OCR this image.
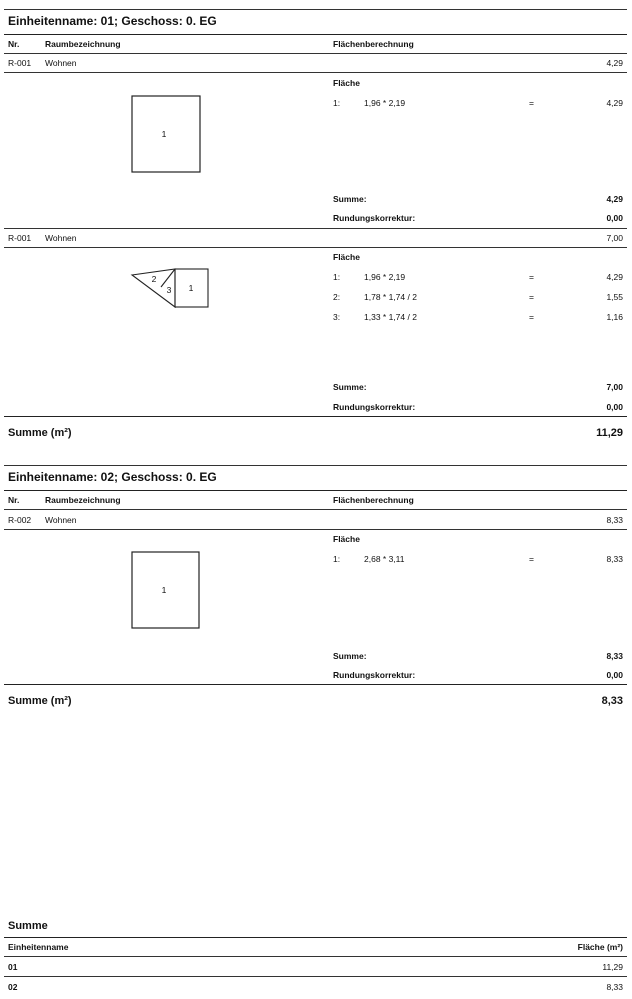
Einheitenname: 01; Geschoss: 0. EG
Nr.	Raumbezeichnung	Flächenberechnung
R-001 Wohnen	4,29
1
Fläche
1:	1,96 * 2,19	=	4,29
Summe:	4,29
Rundungskorrektur:	0,00
R-001 Wohnen	7,00
2
3 1
Fläche
1:	1,96 * 2,19	=	4,29
2:	1,78 * 1,74 / 2	=	1,55
3:	1,33 * 1,74 / 2	=	1,16
Summe:	7,00
Rundungskorrektur:	0,00
Summe (m²)	11,29
Einheitenname: 02; Geschoss: 0. EG
Nr.	Raumbezeichnung	Flächenberechnung
R-002 Wohnen	8,33
1
Fläche
1:	2,68 * 3,11	=	8,33
Summe:	8,33
Rundungskorrektur:	0,00
Summe (m²)	8,33
Summe
Einheitenname	Fläche (m²)
01	11,29
02	8,33
